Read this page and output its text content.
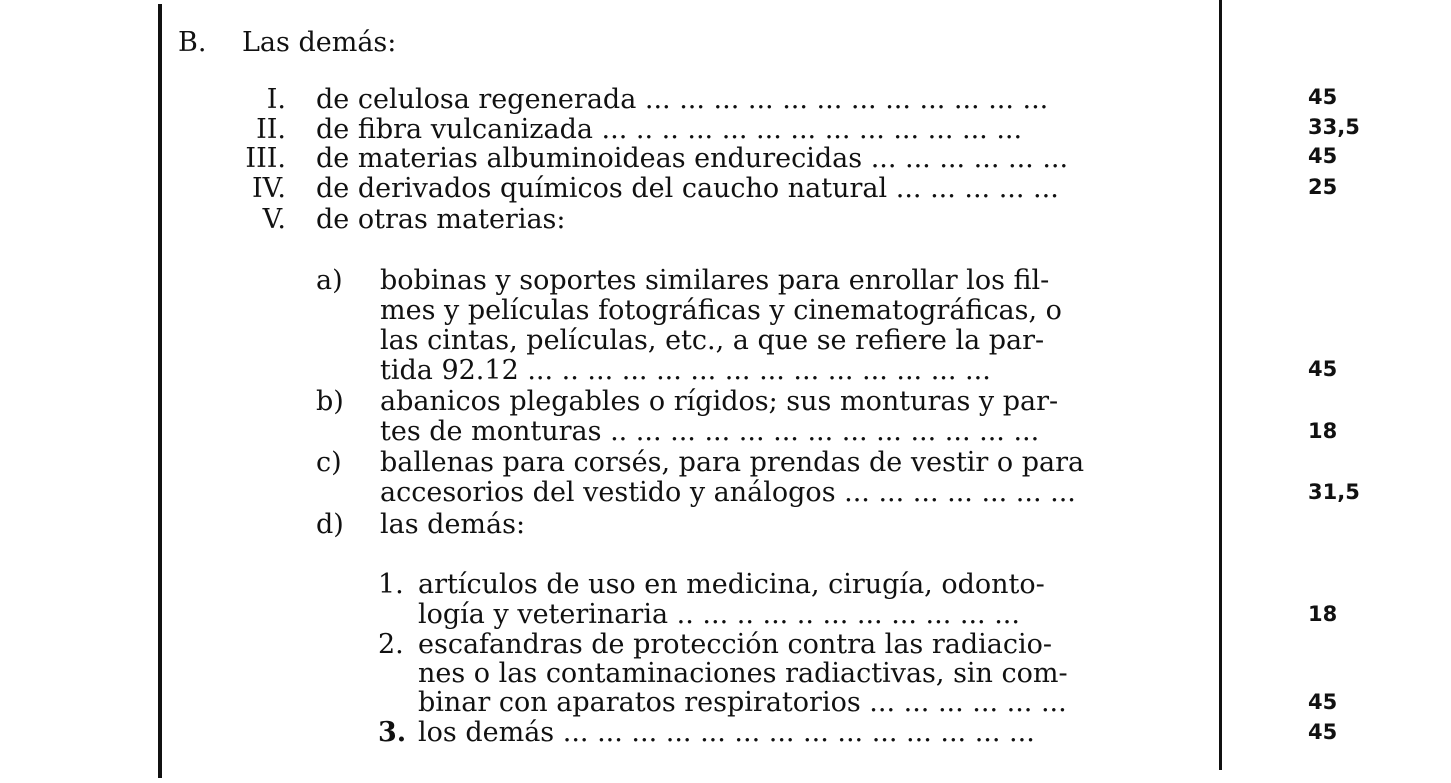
B. Las demás:
I. de celulosa regenerada ... ... ... ... ... ... ... ... ... ... ... ...	45
II. de fibra vulcanizada ... .. .. ... ... ... ... ... ... ... ... ... ...	33,5
III. de materias albuminoideas endurecidas ... ... ... ... ... ...	45
IV. de derivados químicos del caucho natural ... ... ... ... ...	25
V. de otras materias:
a) bobinas y soportes similares para enrollar los fil-
mes y películas fotográficas y cinematográficas, o
las cintas, películas, etc., a que se refiere la par-
tida 92.12 ... .. ... ... ... ... ... ... ... ... ... ... ... ...	45
b) abanicos plegables o rígidos; sus monturas y par-
tes de monturas .. ... ... ... ... ... ... ... ... ... ... ... ...	18
c) ballenas para corsés, para prendas de vestir o para
accesorios del vestido y análogos ... ... ... ... ... ... ...	31,5
d) las demás:
1. artículos de uso en medicina, cirugía, odonto-
logía y veterinaria .. ... .. ... .. ... ... ... ... ... ...	18
2. escafandras de protección contra las radiacio-
nes o las contaminaciones radiactivas, sin com-
binar con aparatos respiratorios ... ... ... ... ... ...	45
3. los demás ... ... ... ... ... ... ... ... ... ... ... ... ... ...	45
